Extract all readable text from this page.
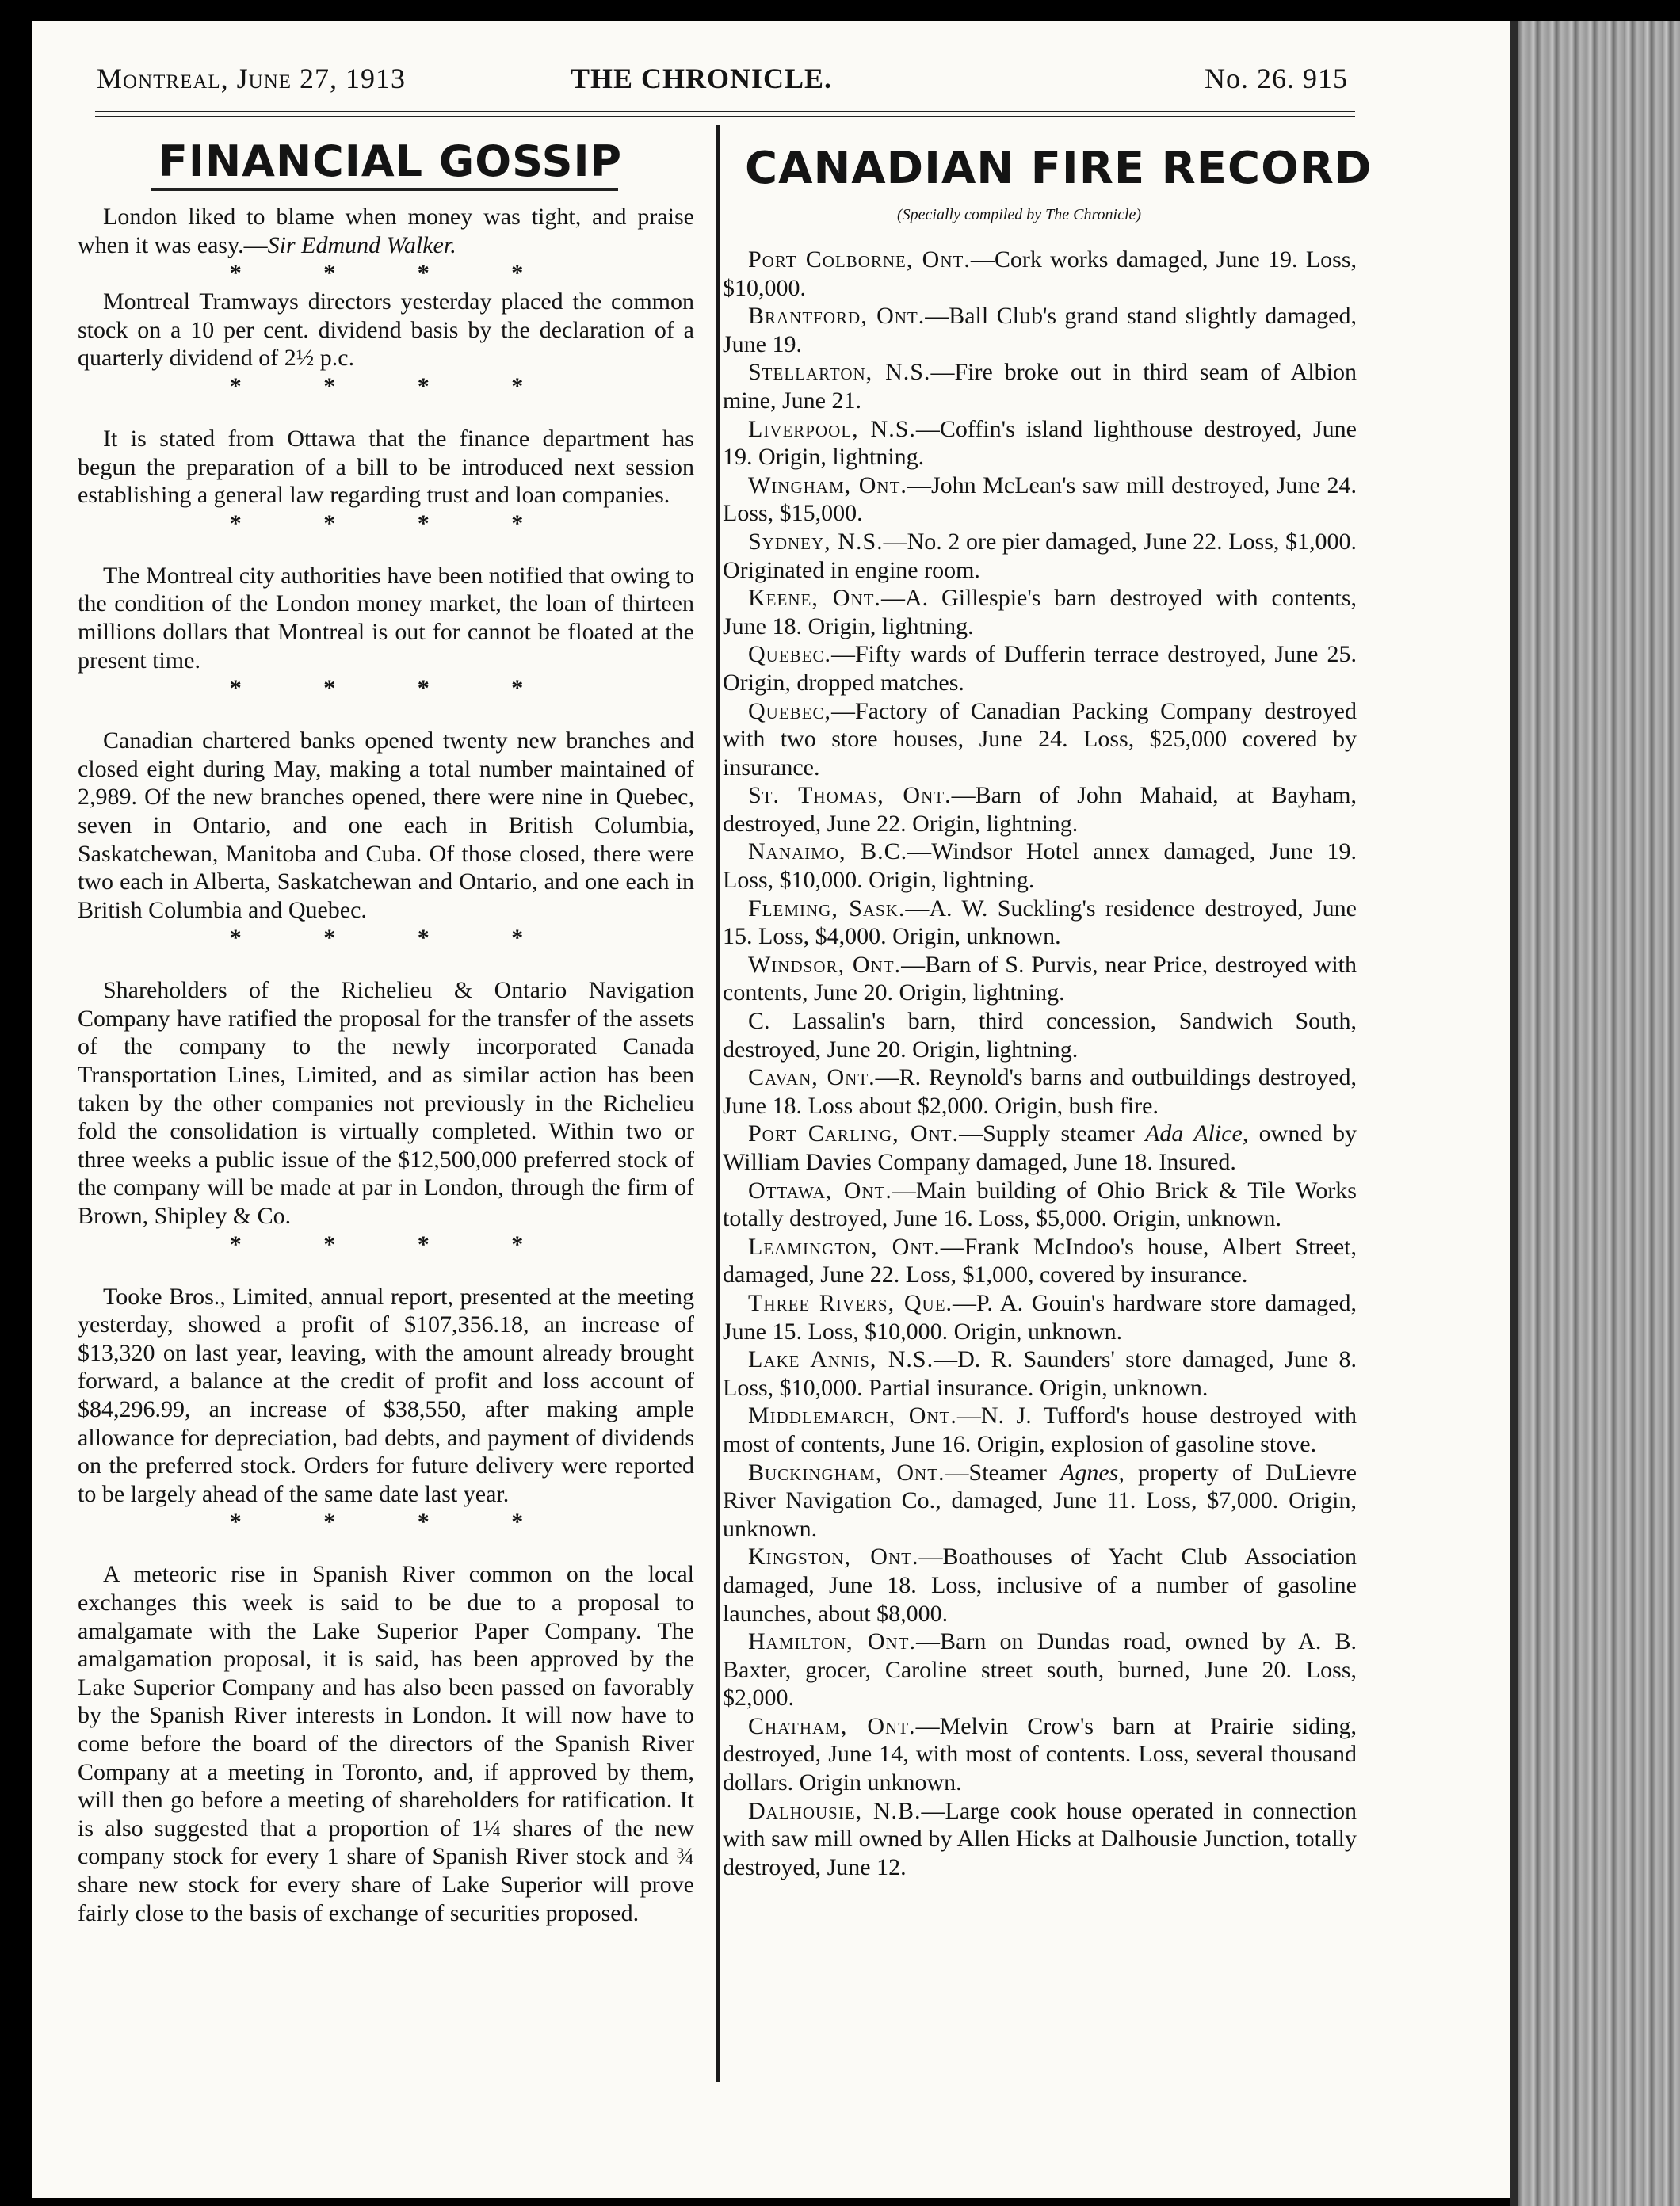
Montreal, June 27, 1913	THE CHRONICLE.	No. 26. 915
FINANCIAL GOSSIP	CANADIAN FIRE RECORD
(Specially compiled by The Chronicle)

London liked to blame when money was tight, and praise when it was easy.—Sir Edmund Walker.

* * * *

Montreal Tramways directors yesterday placed the common stock on a 10 per cent. dividend basis by the declaration of a quarterly dividend of 2½ p.c.

* * * *

It is stated from Ottawa that the finance department has begun the preparation of a bill to be introduced next session establishing a general law regarding trust and loan companies.

* * * *

The Montreal city authorities have been notified that owing to the condition of the London money market, the loan of thirteen millions dollars that Montreal is out for cannot be floated at the present time.

* * * *

Canadian chartered banks opened twenty new branches and closed eight during May, making a total number maintained of 2,989. Of the new branches opened, there were nine in Quebec, seven in Ontario, and one each in British Columbia, Saskatchewan, Manitoba and Cuba. Of those closed, there were two each in Alberta, Saskatchewan and Ontario, and one each in British Columbia and Quebec.

* * * *

Shareholders of the Richelieu & Ontario Navigation Company have ratified the proposal for the transfer of the assets of the company to the newly incorporated Canada Transportation Lines, Limited, and as similar action has been taken by the other companies not previously in the Richelieu fold the consolidation is virtually completed. Within two or three weeks a public issue of the $12,500,000 preferred stock of the company will be made at par in London, through the firm of Brown, Shipley & Co.

* * * *

Tooke Bros., Limited, annual report, presented at the meeting yesterday, showed a profit of $107,356.18, an increase of $13,320 on last year, leaving, with the amount already brought forward, a balance at the credit of profit and loss account of $84,296.99, an increase of $38,550, after making ample allowance for depreciation, bad debts, and payment of dividends on the preferred stock. Orders for future delivery were reported to be largely ahead of the same date last year.

* * * *

A meteoric rise in Spanish River common on the local exchanges this week is said to be due to a proposal to amalgamate with the Lake Superior Paper Company. The amalgamation proposal, it is said, has been approved by the Lake Superior Company and has also been passed on favorably by the Spanish River interests in London. It will now have to come before the board of the directors of the Spanish River Company at a meeting in Toronto, and, if approved by them, will then go before a meeting of shareholders for ratification. It is also suggested that a proportion of 1¼ shares of the new company stock for every 1 share of Spanish River stock and ¾ share new stock for every share of Lake Superior will prove fairly close to the basis of exchange of securities proposed.

Port Colborne, Ont.—Cork works damaged, June 19. Loss, $10,000.

Brantford, Ont.—Ball Club's grand stand slightly damaged, June 19.

Stellarton, N.S.—Fire broke out in third seam of Albion mine, June 21.

Liverpool, N.S.—Coffin's island lighthouse destroyed, June 19. Origin, lightning.

Wingham, Ont.—John McLean's saw mill destroyed, June 24. Loss, $15,000.

Sydney, N.S.—No. 2 ore pier damaged, June 22. Loss, $1,000. Originated in engine room.

Keene, Ont.—A. Gillespie's barn destroyed with contents, June 18. Origin, lightning.

Quebec.—Fifty wards of Dufferin terrace destroyed, June 25. Origin, dropped matches.

Quebec,—Factory of Canadian Packing Company destroyed with two store houses, June 24. Loss, $25,000 covered by insurance.

St. Thomas, Ont.—Barn of John Mahaid, at Bayham, destroyed, June 22. Origin, lightning.

Nanaimo, B.C.—Windsor Hotel annex damaged, June 19. Loss, $10,000. Origin, lightning.

Fleming, Sask.—A. W. Suckling's residence destroyed, June 15. Loss, $4,000. Origin, unknown.

Windsor, Ont.—Barn of S. Purvis, near Price, destroyed with contents, June 20. Origin, lightning.

C. Lassalin's barn, third concession, Sandwich South, destroyed, June 20. Origin, lightning.

Cavan, Ont.—R. Reynold's barns and outbuildings destroyed, June 18. Loss about $2,000. Origin, bush fire.

Port Carling, Ont.—Supply steamer Ada Alice, owned by William Davies Company damaged, June 18. Insured.

Ottawa, Ont.—Main building of Ohio Brick & Tile Works totally destroyed, June 16. Loss, $5,000. Origin, unknown.

Leamington, Ont.—Frank McIndoo's house, Albert Street, damaged, June 22. Loss, $1,000, covered by insurance.

Three Rivers, Que.—P. A. Gouin's hardware store damaged, June 15. Loss, $10,000. Origin, unknown.

Lake Annis, N.S.—D. R. Saunders' store damaged, June 8. Loss, $10,000. Partial insurance. Origin, unknown.

Middlemarch, Ont.—N. J. Tufford's house destroyed with most of contents, June 16. Origin, explosion of gasoline stove.

Buckingham, Ont.—Steamer Agnes, property of DuLievre River Navigation Co., damaged, June 11. Loss, $7,000. Origin, unknown.

Kingston, Ont.—Boathouses of Yacht Club Association damaged, June 18. Loss, inclusive of a number of gasoline launches, about $8,000.

Hamilton, Ont.—Barn on Dundas road, owned by A. B. Baxter, grocer, Caroline street south, burned, June 20. Loss, $2,000.

Chatham, Ont.—Melvin Crow's barn at Prairie siding, destroyed, June 14, with most of contents. Loss, several thousand dollars. Origin unknown.

Dalhousie, N.B.—Large cook house operated in connection with saw mill owned by Allen Hicks at Dalhousie Junction, totally destroyed, June 12.
